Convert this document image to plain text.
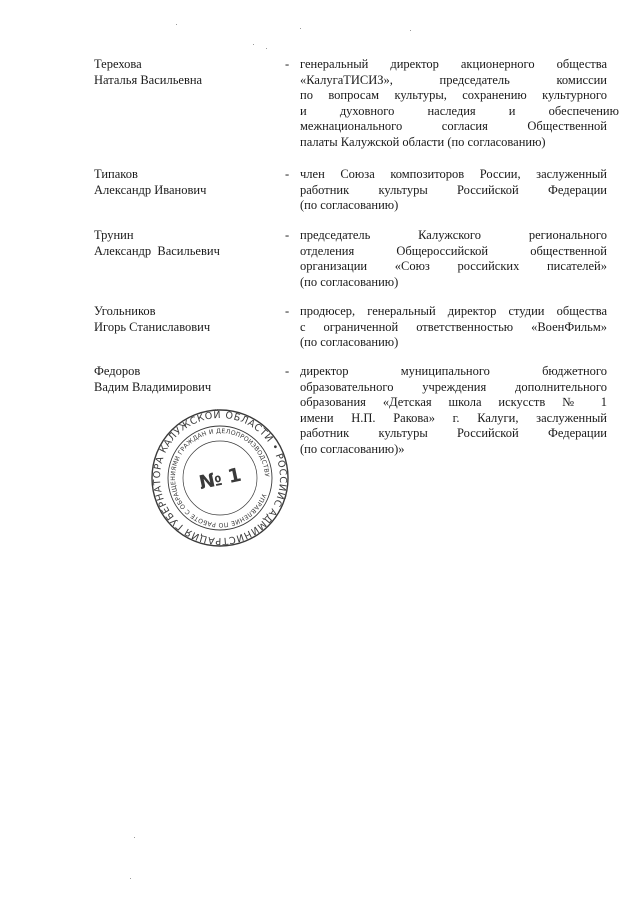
Терехова
Наталья Васильевна
- генеральный директор акционерного общества
«КалугаТИСИЗ», председатель комиссии
по вопросам культуры, сохранению культурного
и духовного наследия и обеспечению
межнационального согласия Общественной
палаты Калужской области (по согласованию)
Типаков
Александр Иванович
- член Союза композиторов России, заслуженный
работник культуры Российской Федерации
(по согласованию)
Трунин
Александр  Васильевич
- председатель Калужского регионального
отделения Общероссийской общественной
организации «Союз российских писателей»
(по согласованию)
Угольников
Игорь Станиславович
- продюсер, генеральный директор студии общества
с ограниченной ответственностью «ВоенФильм»
(по согласованию)
Федоров
Вадим Владимирович
- директор муниципального бюджетного
образовательного учреждения дополнительного
образования «Детская школа искусств № 1
имени Н.П. Ракова» г. Калуги, заслуженный
работник культуры Российской Федерации
(по согласованию)»
АДМИНИСТРАЦИЯ ГУБЕРНАТОРА КАЛУЖСКОЙ ОБЛАСТИ • РОССИЙСКАЯ
УПРАВЛЕНИЕ ПО РАБОТЕ С ОБРАЩЕНИЯМИ ГРАЖДАН И ДЕЛОПРОИЗВОДСТВУ
№ 1
